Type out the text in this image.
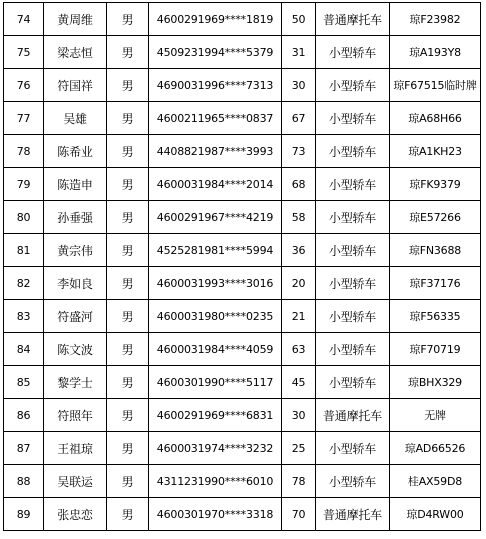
74	黄周维	男	4600291969****1819	50	普通摩托车	琼F23982
75	梁志恒	男	4509231994****5379	31	小型轿车	琼A193Y8
76	符国祥	男	4690031996****7313	30	小型轿车	琼F67515临时牌
77	吴雄	男	4600211965****0837	67	小型轿车	琼A68H66
78	陈希业	男	4408821987****3993	73	小型轿车	琼A1KH23
79	陈造申	男	4600031984****2014	68	小型轿车	琼FK9379
80	孙垂强	男	4600291967****4219	58	小型轿车	琼E57266
81	黄宗伟	男	4525281981****5994	36	小型轿车	琼FN3688
82	李如良	男	4600031993****3016	20	小型轿车	琼F37176
83	符盛河	男	4600031980****0235	21	小型轿车	琼F56335
84	陈文波	男	4600031984****4059	63	小型轿车	琼F70719
85	黎学士	男	4600301990****5117	45	小型轿车	琼BHX329
86	符照年	男	4600291969****6831	30	普通摩托车	无牌
87	王祖琼	男	4600031974****3232	25	小型轿车	琼AD66526
88	吴联运	男	4311231990****6010	78	小型轿车	桂AX59D8
89	张忠恋	男	4600301970****3318	70	普通摩托车	琼D4RW00
